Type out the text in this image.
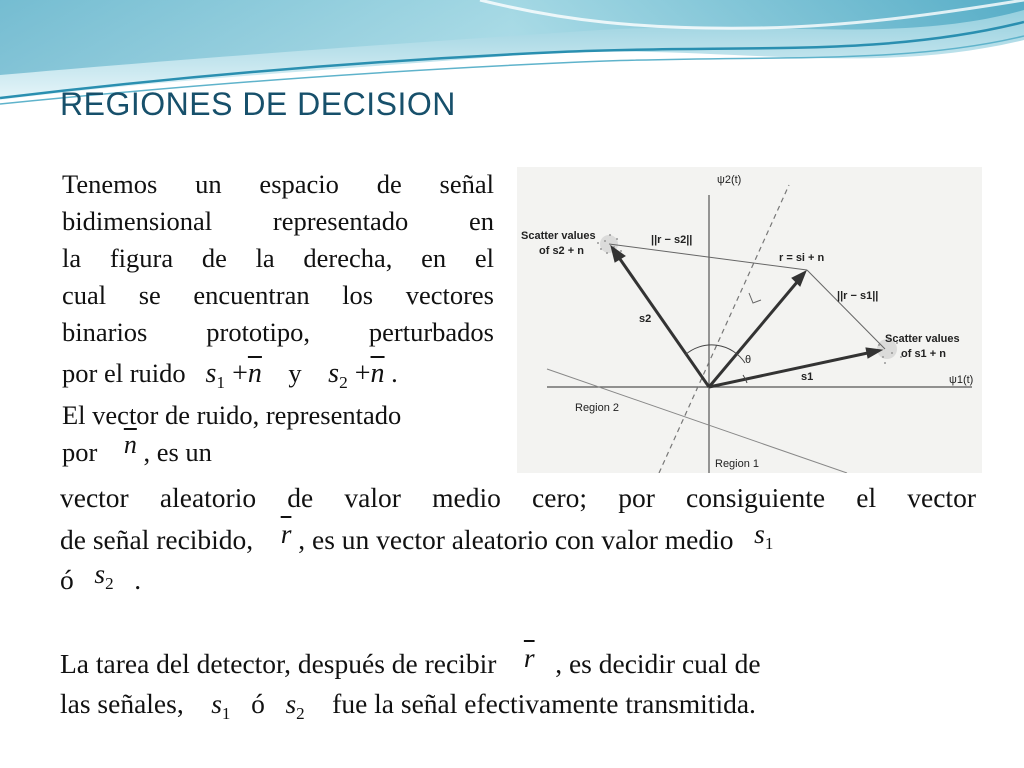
REGIONES DE DECISION
Tenemos un espacio de señal
bidimensional representado en
la figura de la derecha, en el
cual se encuentran los vectores
binarios prototipo, perturbados
por el ruido $s_1 +\overline{n}$ y $s_2 +\overline{n}$ .
El vector de ruido, representado
por $\overline{n}$ , es un
ψ2(t)
ψ1(t)
Scatter values
of s2 + n
Scatter values
of s1 + n
r = si + n
||r − s2||
||r − s1||
s2
s1
θ
Region 2
Region 1
vector aleatorio de valor medio cero; por consiguiente el vector
de señal recibido, $\overline{r}$ , es un vector aleatorio con valor medio $s_1$
ó $s_2$ .
La tarea del detector, después de recibir $\overline{r}$ , es decidir cual de
las señales, $s_1$ ó $s_2$ fue la señal efectivamente transmitida.
